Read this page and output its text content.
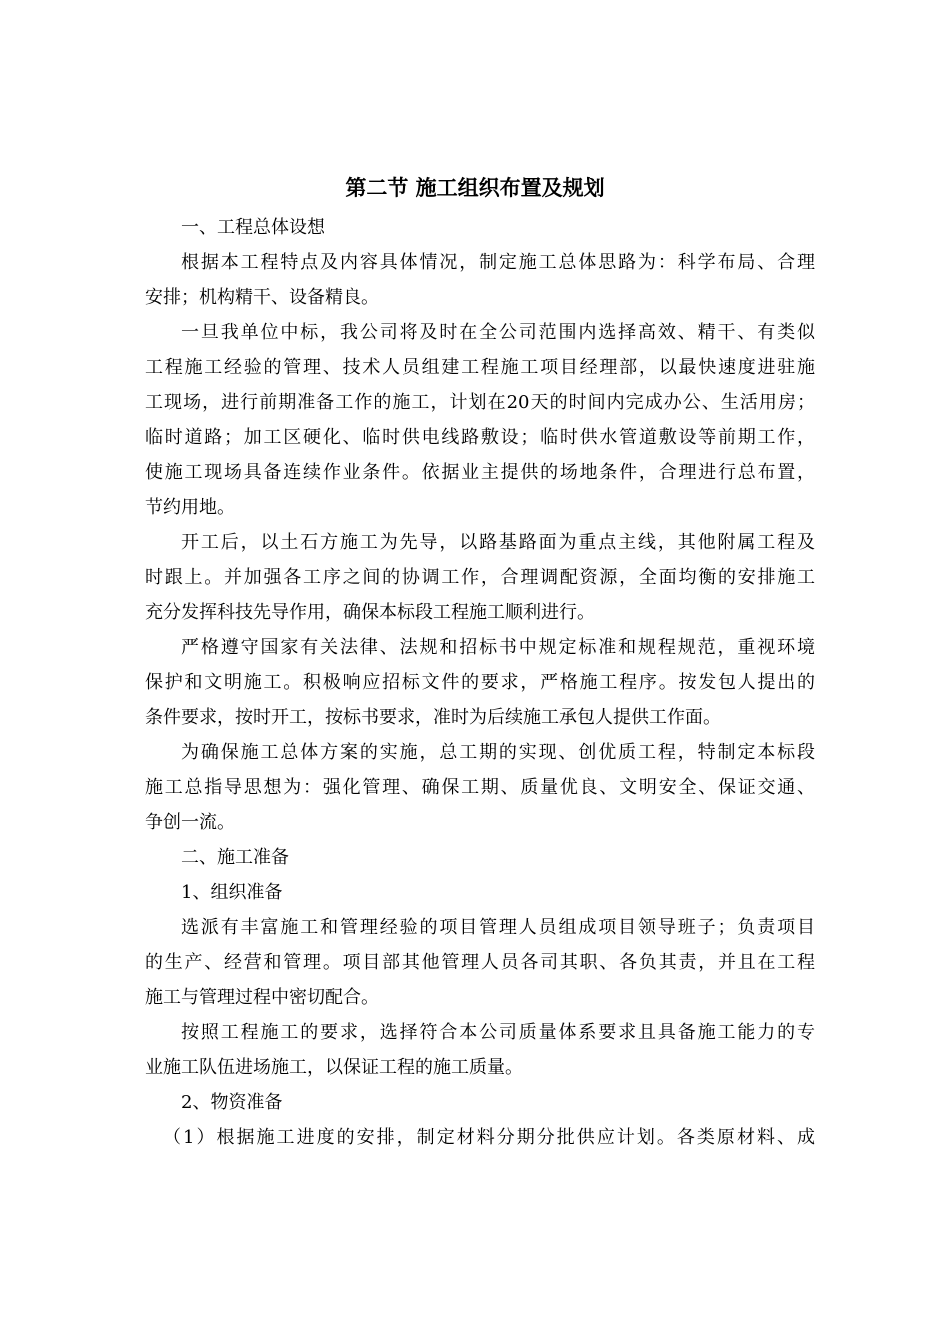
第二节 施工组织布置及规划
一、工程总体设想
根据本工程特点及内容具体情况，制定施工总体思路为：科学布局、合理
安排；机构精干、设备精良。
一旦我单位中标，我公司将及时在全公司范围内选择高效、精干、有类似
工程施工经验的管理、技术人员组建工程施工项目经理部，以最快速度进驻施
工现场，进行前期准备工作的施工，计划在20天的时间内完成办公、生活用房；
临时道路；加工区硬化、临时供电线路敷设；临时供水管道敷设等前期工作，
使施工现场具备连续作业条件。依据业主提供的场地条件，合理进行总布置，
节约用地。
开工后，以土石方施工为先导，以路基路面为重点主线，其他附属工程及
时跟上。并加强各工序之间的协调工作，合理调配资源，全面均衡的安排施工
充分发挥科技先导作用，确保本标段工程施工顺利进行。
严格遵守国家有关法律、法规和招标书中规定标准和规程规范，重视环境
保护和文明施工。积极响应招标文件的要求，严格施工程序。按发包人提出的
条件要求，按时开工，按标书要求，准时为后续施工承包人提供工作面。
为确保施工总体方案的实施，总工期的实现、创优质工程，特制定本标段
施工总指导思想为：强化管理、确保工期、质量优良、文明安全、保证交通、
争创一流。
二、施工准备
1、组织准备
选派有丰富施工和管理经验的项目管理人员组成项目领导班子；负责项目
的生产、经营和管理。项目部其他管理人员各司其职、各负其责，并且在工程
施工与管理过程中密切配合。
按照工程施工的要求，选择符合本公司质量体系要求且具备施工能力的专
业施工队伍进场施工，以保证工程的施工质量。
2、物资准备
（1）根据施工进度的安排，制定材料分期分批供应计划。各类原材料、成
